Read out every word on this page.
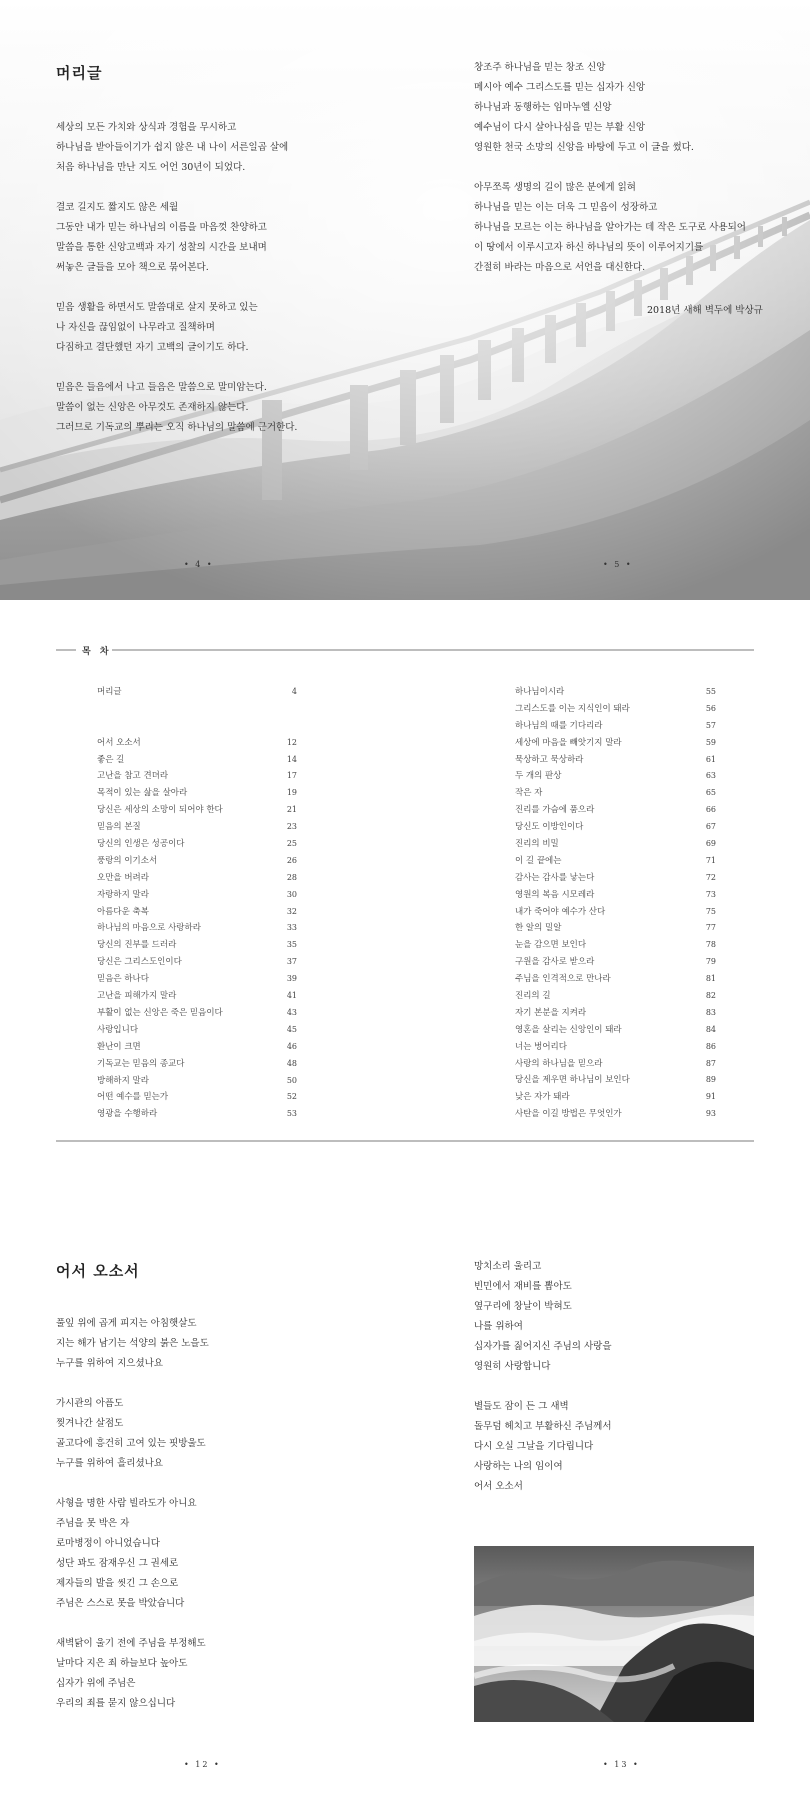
머리글
세상의 모든 가치와 상식과 경험을 무시하고
하나님을 받아들이기가 쉽지 않은 내 나이 서른일곱 살에
처음 하나님을 만난 지도 어언 30년이 되었다.
결코 길지도 짧지도 않은 세월
그동안 내가 믿는 하나님의 이름을 마음껏 찬양하고
말씀을 통한 신앙고백과 자기 성찰의 시간을 보내며
써놓은 글들을 모아 책으로 묶어본다.
믿음 생활을 하면서도 말씀대로 살지 못하고 있는
나 자신을 끊임없이 나무라고 질책하며
다짐하고 결단했던 자기 고백의 글이기도 하다.
믿음은 들음에서 나고 들음은 말씀으로 말미암는다.
말씀이 없는 신앙은 아무것도 존재하지 않는다.
그러므로 기독교의 뿌리는 오직 하나님의 말씀에 근거한다.
창조주 하나님을 믿는 창조 신앙
메시아 예수 그리스도를 믿는 십자가 신앙
하나님과 동행하는 임마누엘 신앙
예수님이 다시 살아나심을 믿는 부활 신앙
영원한 천국 소망의 신앙을 바탕에 두고 이 글을 썼다.
아무쪼록 생명의 길이 많은 분에게 읽혀
하나님을 믿는 이는 더욱 그 믿음이 성장하고
하나님을 모르는 이는 하나님을 알아가는 데 작은 도구로 사용되어
이 땅에서 이루시고자 하신 하나님의 뜻이 이루어지기를
간절히 바라는 마음으로 서언을 대신한다.
2018년 새해 벽두에 박상규
• 4 •	• 5 •
목 차
머리글	4
어서 오소서	12
좋은 길	14
고난을 참고 견뎌라	17
목적이 있는 삶을 살아라	19
당신은 세상의 소망이 되어야 한다	21
믿음의 본질	23
당신의 인생은 성공이다	25
풍랑의 이기소서	26
오만을 버려라	28
자랑하지 말라	30
아름다운 축복	32
하나님의 마음으로 사랑하라	33
당신의 진부를 드러라	35
당신은 그리스도인이다	37
믿음은 하나다	39
고난을 피해가지 말라	41
부활이 없는 신앙은 죽은 믿음이다	43
사랑입니다	45
환난이 크면	46
기독교는 믿음의 종교다	48
방해하지 말라	50
어떤 예수를 믿는가	52
영광을 수행하라	53
하나님이시라	55
그리스도를 이는 지식인이 돼라	56
하나님의 때를 기다리라	57
세상에 마음을 빼앗기지 말라	59
묵상하고 묵상하라	61
두 개의 판상	63
작은 자	65
진리를 가슴에 품으라	66
당신도 이방인이다	67
진리의 비밀	69
이 길 끝에는	71
감사는 감사를 낳는다	72
영원의 복음 시모레라	73
내가 죽어야 예수가 산다	75
한 알의 밀알	77
눈을 감으면 보인다	78
구원을 감사로 받으라	79
주님을 인격적으로 만나라	81
진리의 길	82
자기 본분을 지켜라	83
영혼을 살리는 신앙인이 돼라	84
너는 벙어리다	86
사랑의 하나님을 믿으라	87
당신을 제우면 하나님이 보인다	89
낮은 자가 돼라	91
사탄을 이길 방법은 무엇인가	93
어서 오소서
풀잎 위에 곱게 피지는 아침햇살도
지는 해가 남기는 석양의 붉은 노을도
누구를 위하여 지으셨나요
가시관의 아픔도
찢겨나간 살점도
골고다에 흥건히 고여 있는 핏방울도
누구를 위하여 흘리셨나요
사형을 명한 사람 빌라도가 아니요
주님을 못 박은 자
로마병정이 아니었습니다
성단 꽈도 잠재우신 그 권세로
제자들의 발을 씻긴 그 손으로
주님은 스스로 못을 박았습니다
새벽닭이 울기 전에 주님을 부정해도
날마다 지은 죄 하늘보다 높아도
십자가 위에 주님은
우리의 죄를 묻지 않으십니다
망치소리 울리고
빈민에서 재비를 뽑아도
옆구리에 창날이 박혀도
나를 위하여
십자가를 짊어지신 주님의 사랑을
영원히 사랑합니다
별들도 잠이 든 그 새벽
돌무덤 헤치고 부활하신 주님께서
다시 오실 그날을 기다립니다
사랑하는 나의 임이여
어서 오소서
• 12 •	• 13 •
